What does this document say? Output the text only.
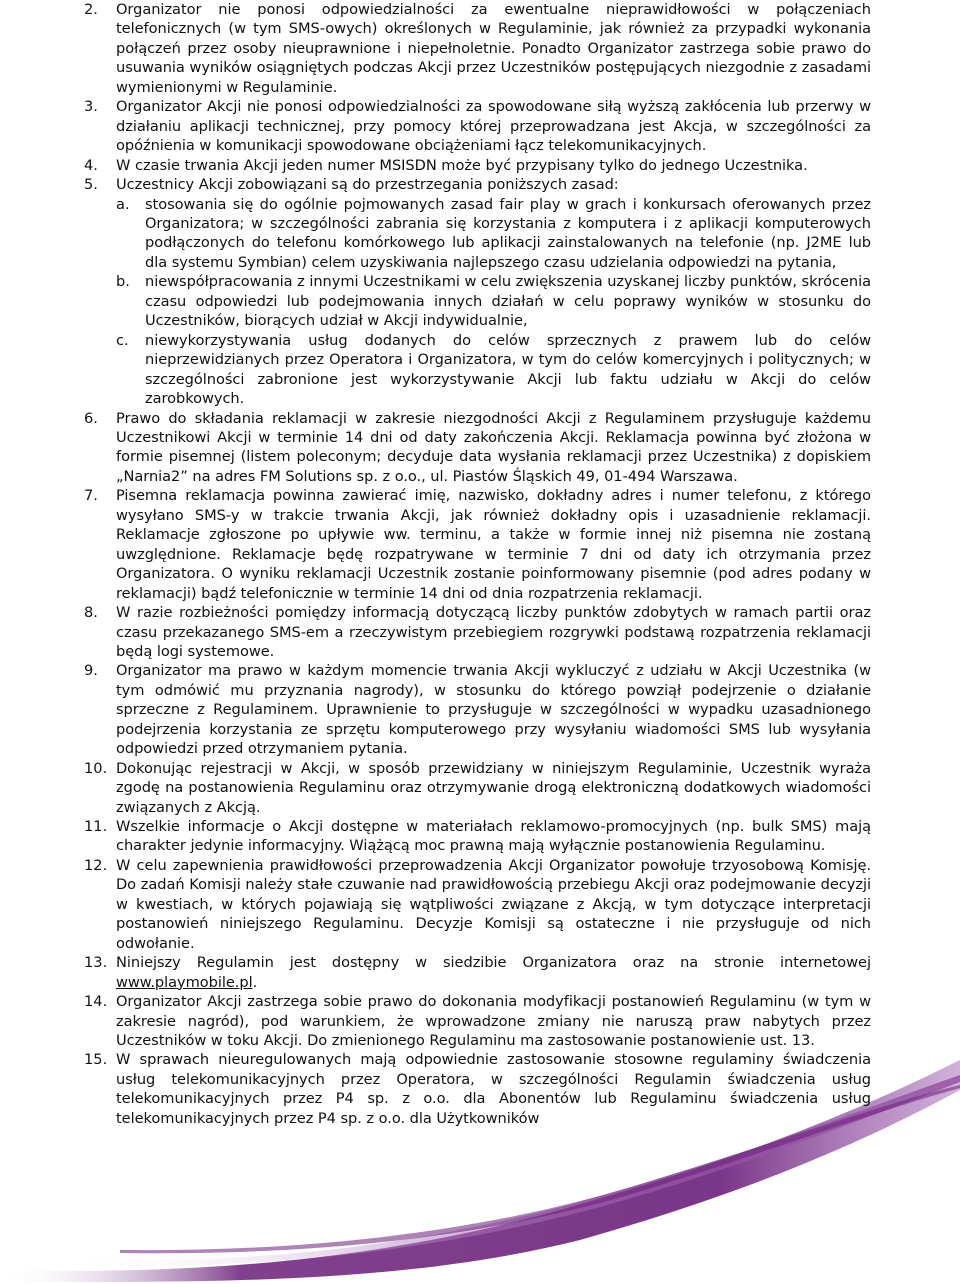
2.	Organizator nie ponosi odpowiedzialności za ewentualne nieprawidłowości w połączeniach telefonicznych (w tym SMS-owych) określonych w Regulaminie, jak również za przypadki wykonania połączeń przez osoby nieuprawnione i niepełnoletnie. Ponadto Organizator zastrzega sobie prawo do usuwania wyników osiągniętych podczas Akcji przez Uczestników postępujących niezgodnie z zasadami wymienionymi w Regulaminie.
3.	Organizator Akcji nie ponosi odpowiedzialności za spowodowane siłą wyższą zakłócenia lub przerwy w działaniu aplikacji technicznej, przy pomocy której przeprowadzana jest Akcja, w szczególności za opóźnienia w komunikacji spowodowane obciążeniami łącz telekomunikacyjnych.
4.	W czasie trwania Akcji jeden numer MSISDN może być przypisany tylko do jednego Uczestnika.
5.	Uczestnicy Akcji zobowiązani są do przestrzegania poniższych zasad:
a.	stosowania się do ogólnie pojmowanych zasad fair play w grach i konkursach oferowanych przez Organizatora; w szczególności zabrania się korzystania z komputera i z aplikacji komputerowych podłączonych do telefonu komórkowego lub aplikacji zainstalowanych na telefonie (np. J2ME lub dla systemu Symbian) celem uzyskiwania najlepszego czasu udzielania odpowiedzi na pytania,
b.	niewspółpracowania z innymi Uczestnikami w celu zwiększenia uzyskanej liczby punktów, skrócenia czasu odpowiedzi lub podejmowania innych działań w celu poprawy wyników w stosunku do Uczestników, biorących udział w Akcji indywidualnie,
c.	niewykorzystywania usług dodanych do celów sprzecznych z prawem lub do celów nieprzewidzianych przez Operatora i Organizatora, w tym do celów komercyjnych i politycznych; w szczególności zabronione jest wykorzystywanie Akcji lub faktu udziału w Akcji do celów zarobkowych.
6.	Prawo do składania reklamacji w zakresie niezgodności Akcji z Regulaminem przysługuje każdemu Uczestnikowi Akcji w terminie 14 dni od daty zakończenia Akcji. Reklamacja powinna być złożona w formie pisemnej (listem poleconym; decyduje data wysłania reklamacji przez Uczestnika) z dopiskiem „Narnia2” na adres FM Solutions sp. z o.o., ul. Piastów Śląskich 49, 01-494 Warszawa.
7.	Pisemna reklamacja powinna zawierać imię, nazwisko, dokładny adres i numer telefonu, z którego wysyłano SMS-y w trakcie trwania Akcji, jak również dokładny opis i uzasadnienie reklamacji. Reklamacje zgłoszone po upływie ww. terminu, a także w formie innej niż pisemna nie zostaną uwzględnione. Reklamacje będę rozpatrywane w terminie 7 dni od daty ich otrzymania przez Organizatora. O wyniku reklamacji Uczestnik zostanie poinformowany pisemnie (pod adres podany w reklamacji) bądź telefonicznie w terminie 14 dni od dnia rozpatrzenia reklamacji.
8.	W razie rozbieżności pomiędzy informacją dotyczącą liczby punktów zdobytych w ramach partii oraz czasu przekazanego SMS-em a rzeczywistym przebiegiem rozgrywki podstawą rozpatrzenia reklamacji będą logi systemowe.
9.	Organizator ma prawo w każdym momencie trwania Akcji wykluczyć z udziału w Akcji Uczestnika (w tym odmówić mu przyznania nagrody), w stosunku do którego powziął podejrzenie o działanie sprzeczne z Regulaminem. Uprawnienie to przysługuje w szczególności w wypadku uzasadnionego podejrzenia korzystania ze sprzętu komputerowego przy wysyłaniu wiadomości SMS lub wysyłania odpowiedzi przed otrzymaniem pytania.
10. Dokonując rejestracji w Akcji, w sposób przewidziany w niniejszym Regulaminie, Uczestnik wyraża zgodę na postanowienia Regulaminu oraz otrzymywanie drogą elektroniczną dodatkowych wiadomości związanych z Akcją.
11. Wszelkie informacje o Akcji dostępne w materiałach reklamowo-promocyjnych (np. bulk SMS) mają charakter jedynie informacyjny. Wiążącą moc prawną mają wyłącznie postanowienia Regulaminu.
12. W celu zapewnienia prawidłowości przeprowadzenia Akcji Organizator powołuje trzyosobową Komisję. Do zadań Komisji należy stałe czuwanie nad prawidłowością przebiegu Akcji oraz podejmowanie decyzji w kwestiach, w których pojawiają się wątpliwości związane z Akcją, w tym dotyczące interpretacji postanowień niniejszego Regulaminu. Decyzje Komisji są ostateczne i nie przysługuje od nich odwołanie.
13. Niniejszy Regulamin jest dostępny w siedzibie Organizatora oraz na stronie internetowej www.playmobile.pl.
14. Organizator Akcji zastrzega sobie prawo do dokonania modyfikacji postanowień Regulaminu (w tym w zakresie nagród), pod warunkiem, że wprowadzone zmiany nie naruszą praw nabytych przez Uczestników w toku Akcji. Do zmienionego Regulaminu ma zastosowanie postanowienie ust. 13.
15. W sprawach nieuregulowanych mają odpowiednie zastosowanie stosowne regulaminy świadczenia usług telekomunikacyjnych przez Operatora, w szczególności Regulamin świadczenia usług telekomunikacyjnych przez P4 sp. z o.o. dla Abonentów lub Regulaminu świadczenia usług telekomunikacyjnych przez P4 sp. z o.o. dla Użytkowników
